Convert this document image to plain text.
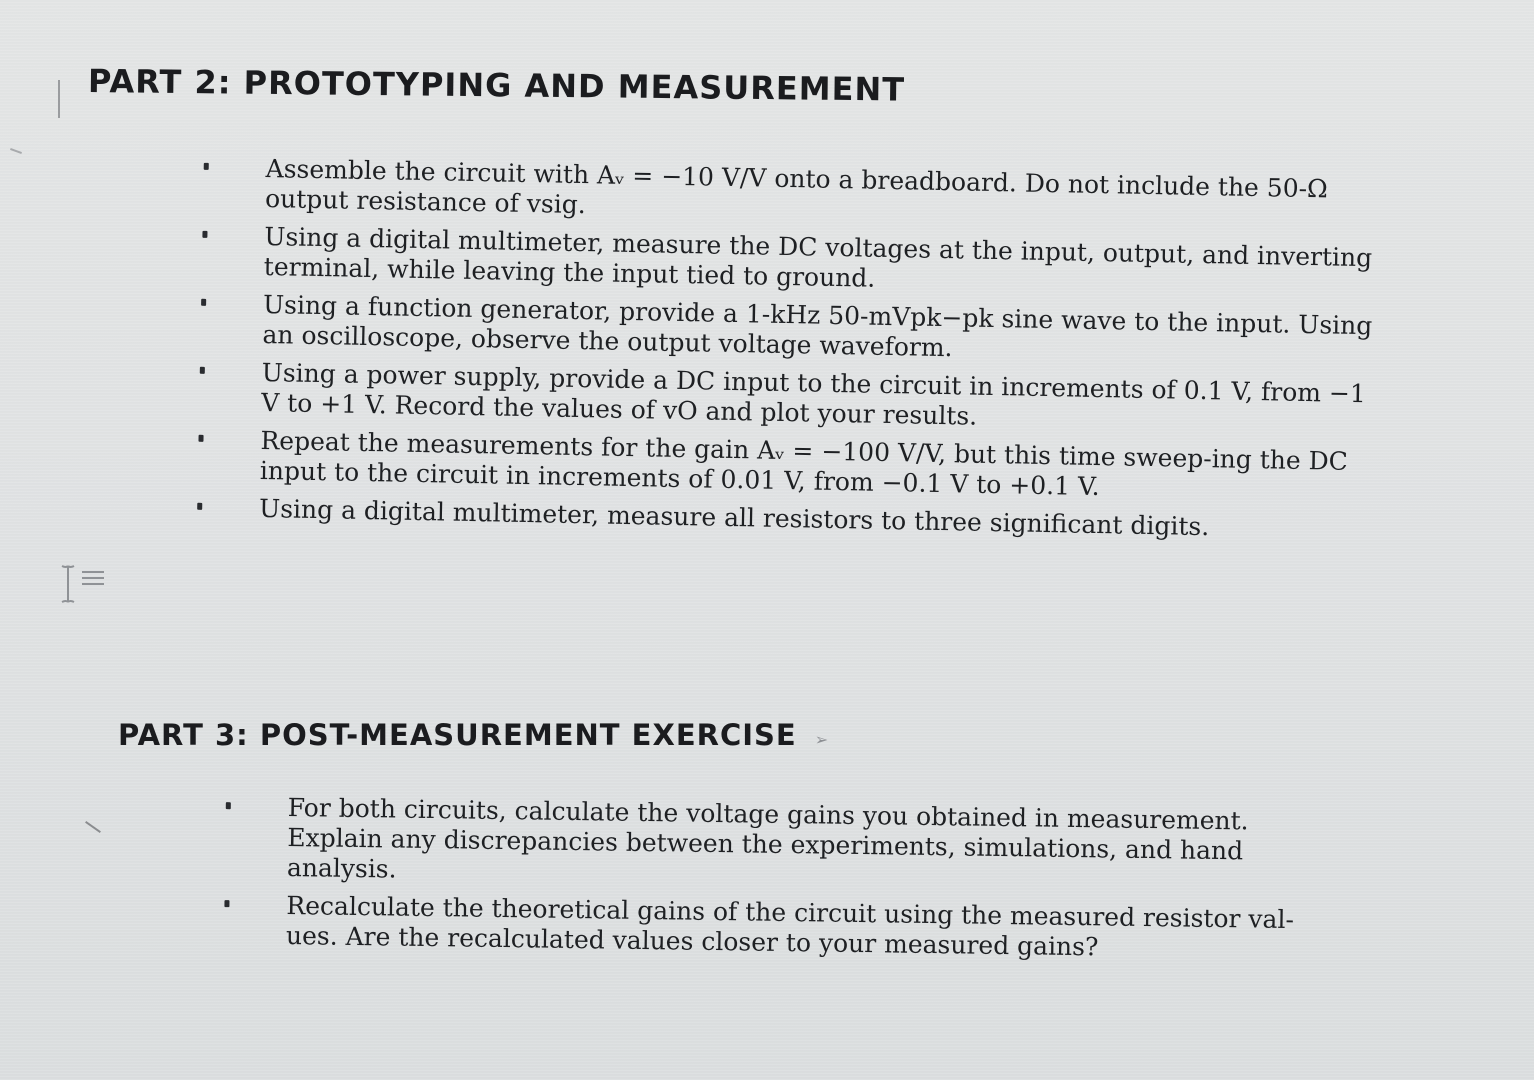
PART 2: PROTOTYPING AND MEASUREMENT
Assemble the circuit with Aᵥ = −10 V/V onto a breadboard. Do not include the 50-Ω output resistance of vsig.
Using a digital multimeter, measure the DC voltages at the input, output, and inverting terminal, while leaving the input tied to ground.
Using a function generator, provide a 1-kHz 50-mVpk−pk sine wave to the input. Using an oscilloscope, observe the output voltage waveform.
Using a power supply, provide a DC input to the circuit in increments of 0.1 V, from −1 V to +1 V. Record the values of vO and plot your results.
Repeat the measurements for the gain Aᵥ = −100 V/V, but this time sweep-ing the DC input to the circuit in increments of 0.01 V, from −0.1 V to +0.1 V.
Using a digital multimeter, measure all resistors to three significant digits.
PART 3: POST-MEASUREMENT EXERCISE ➢
For both circuits, calculate the voltage gains you obtained in measurement. Explain any discrepancies between the experiments, simulations, and hand analysis.
Recalculate the theoretical gains of the circuit using the measured resistor val-ues. Are the recalculated values closer to your measured gains?
